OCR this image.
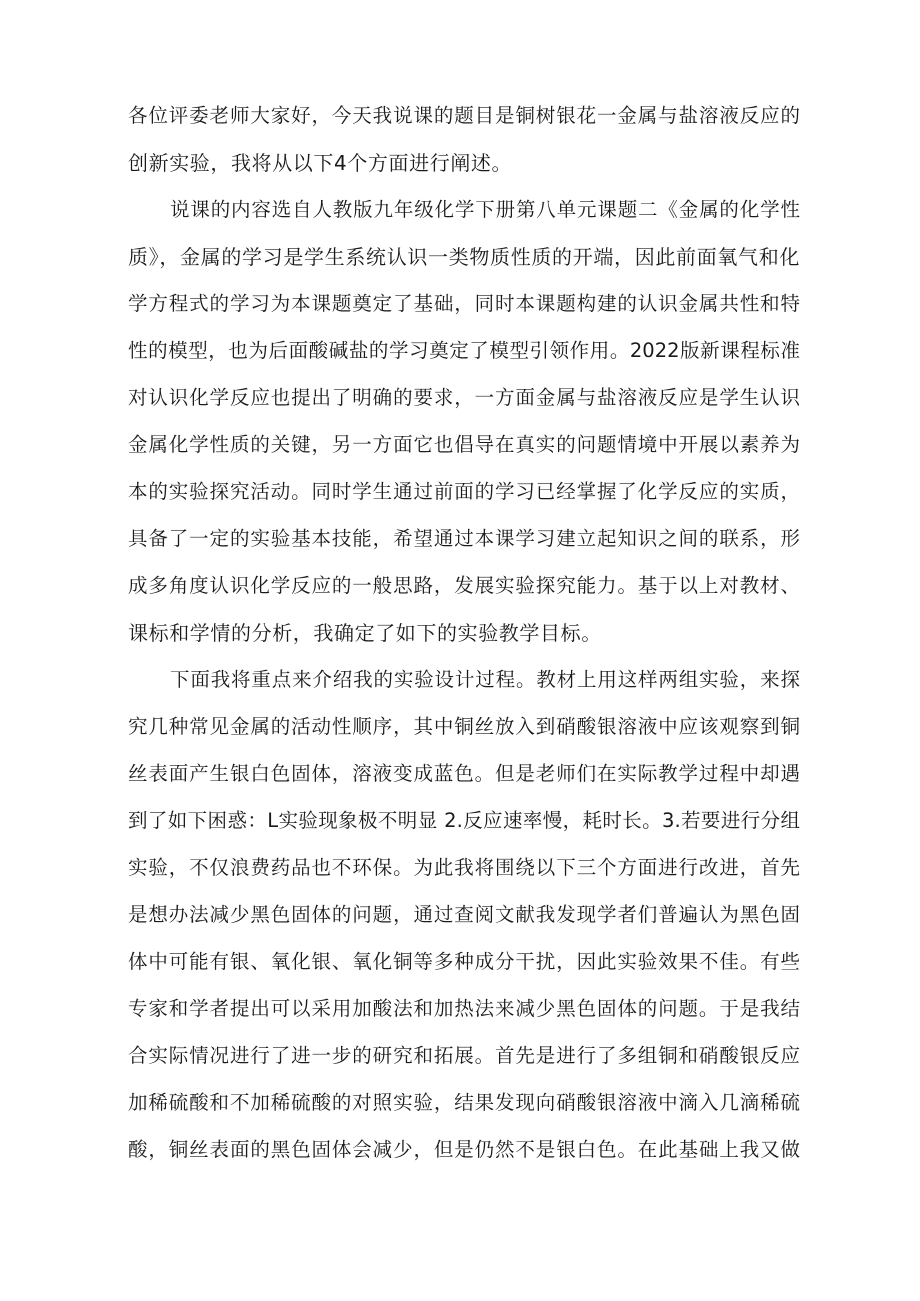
各位评委老师大家好，今天我说课的题目是铜树银花一金属与盐溶液反应的
创新实验，我将从以下4个方面进行阐述。
说课的内容选自人教版九年级化学下册第八单元课题二《金属的化学性
质》，金属的学习是学生系统认识一类物质性质的开端，因此前面氧气和化
学方程式的学习为本课题奠定了基础，同时本课题构建的认识金属共性和特
性的模型，也为后面酸碱盐的学习奠定了模型引领作用。2022版新课程标准
对认识化学反应也提出了明确的要求，一方面金属与盐溶液反应是学生认识
金属化学性质的关键，另一方面它也倡导在真实的问题情境中开展以素养为
本的实验探究活动。同时学生通过前面的学习已经掌握了化学反应的实质，
具备了一定的实验基本技能，希望通过本课学习建立起知识之间的联系，形
成多角度认识化学反应的一般思路，发展实验探究能力。基于以上对教材、
课标和学情的分析，我确定了如下的实验教学目标。
下面我将重点来介绍我的实验设计过程。教材上用这样两组实验，来探
究几种常见金属的活动性顺序，其中铜丝放入到硝酸银溶液中应该观察到铜
丝表面产生银白色固体，溶液变成蓝色。但是老师们在实际教学过程中却遇
到了如下困惑：L实验现象极不明显 2.反应速率慢，耗时长。3.若要进行分组
实验，不仅浪费药品也不环保。为此我将围绕以下三个方面进行改进，首先
是想办法减少黑色固体的问题，通过查阅文献我发现学者们普遍认为黑色固
体中可能有银、氧化银、氧化铜等多种成分干扰，因此实验效果不佳。有些
专家和学者提出可以采用加酸法和加热法来减少黑色固体的问题。于是我结
合实际情况进行了进一步的研究和拓展。首先是进行了多组铜和硝酸银反应
加稀硫酸和不加稀硫酸的对照实验，结果发现向硝酸银溶液中滴入几滴稀硫
酸，铜丝表面的黑色固体会减少，但是仍然不是银白色。在此基础上我又做
